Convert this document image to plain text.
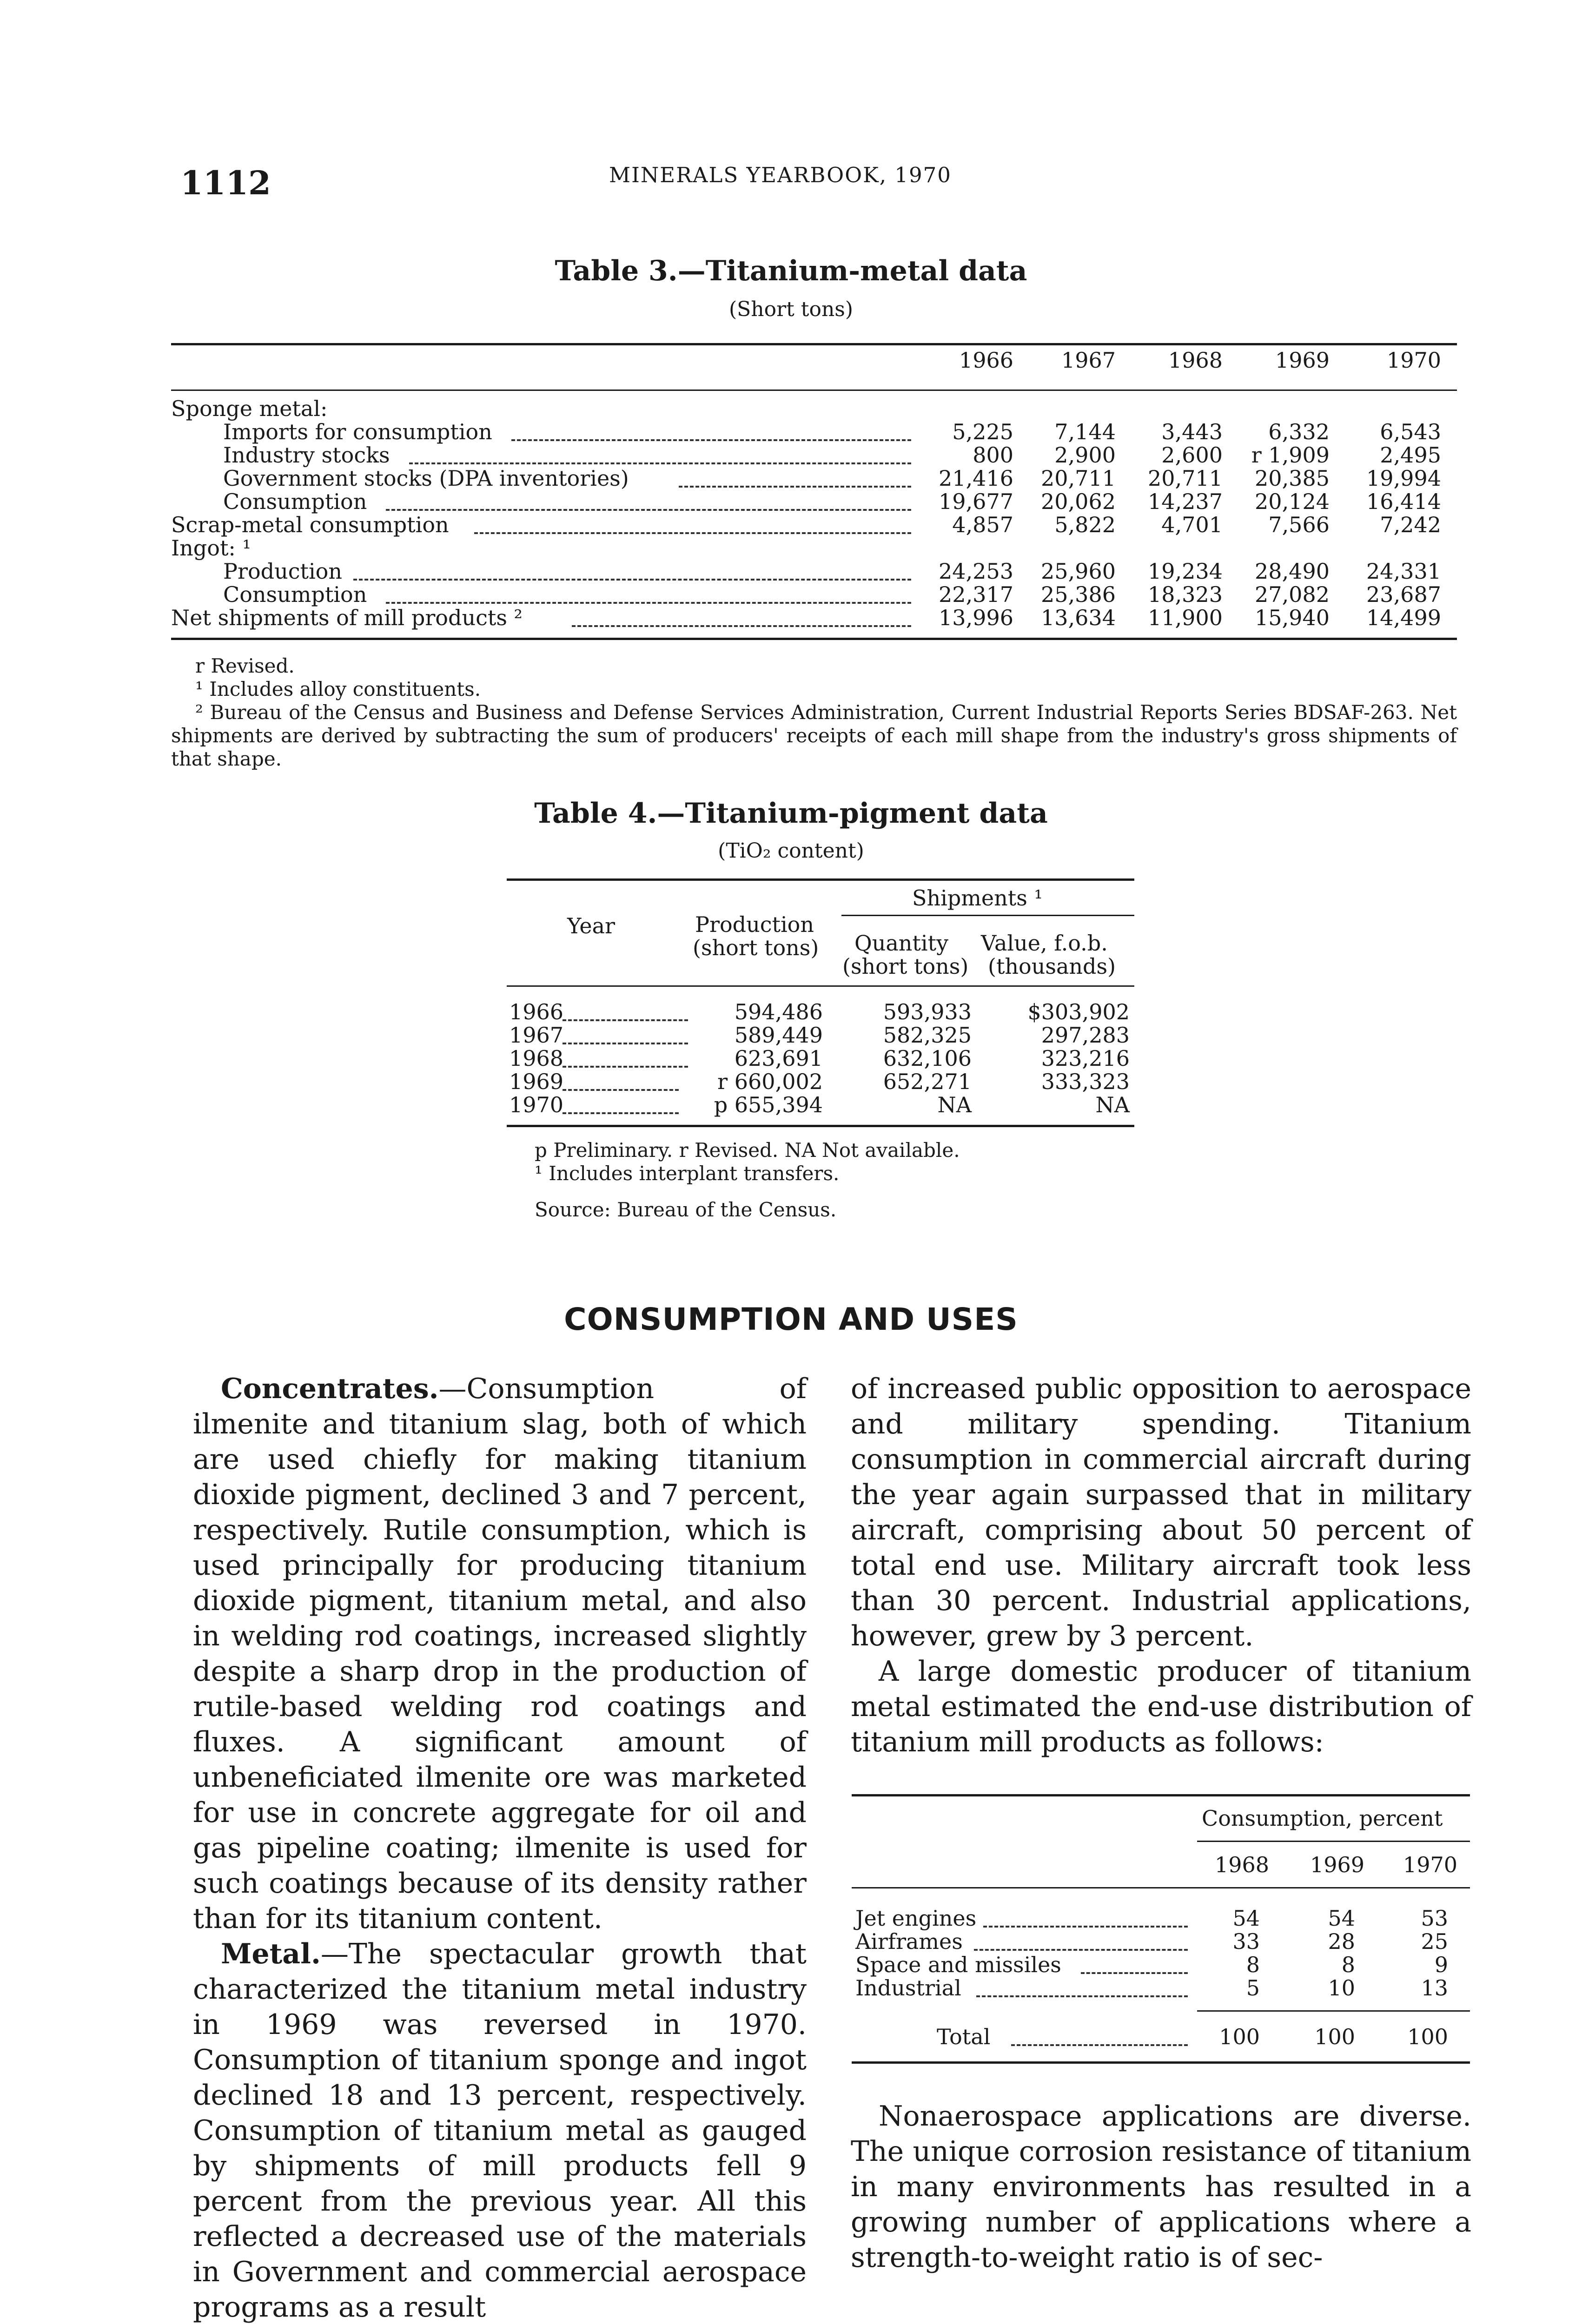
1112	MINERALS YEARBOOK, 1970
Table 3.—Titanium-metal data
(Short tons)
1966	1967	1968	1969	1970
Sponge metal:
Imports for consumption	5,225	7,144	3,443	6,332	6,543
Industry stocks	800	2,900	2,600	r 1,909	2,495
Government stocks (DPA inventories)	21,416	20,711	20,711	20,385	19,994
Consumption	19,677	20,062	14,237	20,124	16,414
Scrap-metal consumption	4,857	5,822	4,701	7,566	7,242
Ingot: ¹
Production	24,253	25,960	19,234	28,490	24,331
Consumption	22,317	25,386	18,323	27,082	23,687
Net shipments of mill products ²	13,996	13,634	11,900	15,940	14,499
r Revised.
¹ Includes alloy constituents.
² Bureau of the Census and Business and Defense Services Administration, Current Industrial Reports Series BDSAF-263. Net shipments are derived by subtracting the sum of producers' receipts of each mill shape from the industry's gross shipments of that shape.
Table 4.—Titanium-pigment data
(TiO₂ content)
Year	Production
(short tons)
Shipments ¹
Quantity
(short tons)
Value, f.o.b.
(thousands)
1966	594,486	593,933	$303,902
1967	589,449	582,325	297,283
1968	623,691	632,106	323,216
1969	r 660,002	652,271	333,323
1970	p 655,394	NA	NA
p Preliminary. r Revised. NA Not available.
¹ Includes interplant transfers.
Source: Bureau of the Census.
CONSUMPTION AND USES

Concentrates.—Consumption of ilmenite and titanium slag, both of which are used chiefly for making titanium dioxide pigment, declined 3 and 7 percent, respectively. Rutile consumption, which is used principally for producing titanium dioxide pigment, titanium metal, and also in welding rod coatings, increased slightly despite a sharp drop in the production of rutile-based welding rod coatings and fluxes. A significant amount of unbeneficiated ilmenite ore was marketed for use in concrete aggregate for oil and gas pipeline coating; ilmenite is used for such coatings because of its density rather than for its titanium content.

Metal.—The spectacular growth that characterized the titanium metal industry in 1969 was reversed in 1970. Consumption of titanium sponge and ingot declined 18 and 13 percent, respectively. Consumption of titanium metal as gauged by shipments of mill products fell 9 percent from the previous year. All this reflected a decreased use of the materials in Government and commercial aerospace programs as a result

of increased public opposition to aerospace and military spending. Titanium consumption in commercial aircraft during the year again surpassed that in military aircraft, comprising about 50 percent of total end use. Military aircraft took less than 30 percent. Industrial applications, however, grew by 3 percent.

A large domestic producer of titanium metal estimated the end-use distribution of titanium mill products as follows:

Consumption, percent
1968	1969	1970
Jet engines	54	54	53
Airframes	33	28	25
Space and missiles	8	8	9
Industrial	5	10	13
Total	100	100	100

Nonaerospace applications are diverse. The unique corrosion resistance of titanium in many environments has resulted in a growing number of applications where a strength-to-weight ratio is of sec-
